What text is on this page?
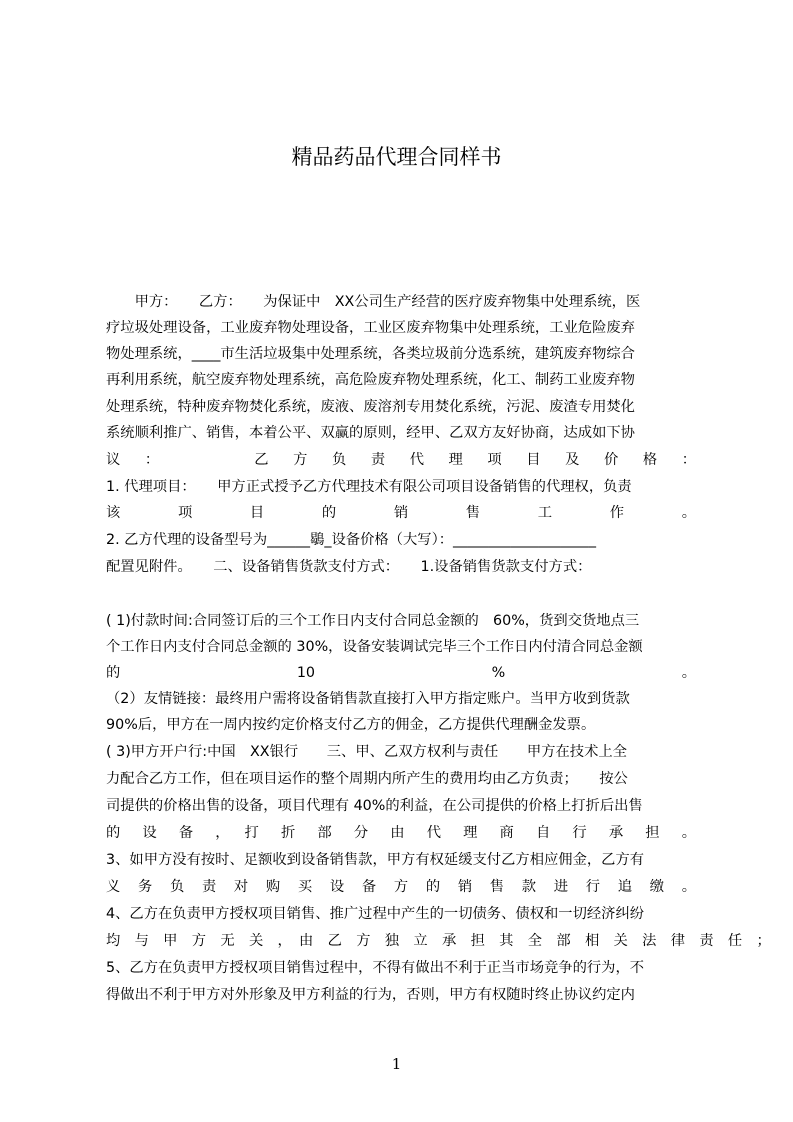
精品药品代理合同样书
　　甲方：　　乙方：　　为保证中　XX公司生产经营的医疗废弃物集中处理系统，医
疗垃圾处理设备，工业废弃物处理设备，工业区废弃物集中处理系统，工业危险废弃
物处理系统，____市生活垃圾集中处理系统，各类垃圾前分选系统，建筑废弃物综合
再利用系统，航空废弃物处理系统，高危险废弃物处理系统，化工、制药工业废弃物
处理系统，特种废弃物焚化系统，废液、废溶剂专用焚化系统，污泥、废渣专用焚化
系统顺利推广、销售，本着公平、双赢的原则，经甲、乙双方友好协商，达成如下协
议　：　　　　　乙　方　负　责　代　理　项　目　及　价　格　：
1. 代理项目：　　甲方正式授予乙方代理技术有限公司项目设备销售的代理权，负责
该　　　项　　　目　　　的　　　销　　　售　　　工　　　作　　　。
2. 乙方代理的设备型号为______鶡_设备价格（大写）：____________________
配置见附件。　　二、设备销售货款支付方式：　　1.设备销售货款支付方式：
( 1)付款时间:合同签订后的三个工作日内支付合同总金额的　60%，货到交货地点三
个工作日内支付合同总金额的 30%，设备安装调试完毕三个工作日内付清合同总金额
的　　　　　10　　　　　%　　　　　。
（2）友情链接：最终用户需将设备销售款直接打入甲方指定账户。当甲方收到货款
90%后，甲方在一周内按约定价格支付乙方的佣金，乙方提供代理酬金发票。
( 3)甲方开户行:中国　XX银行　　三、甲、乙双方权利与责任　　甲方在技术上全
力配合乙方工作，但在项目运作的整个周期内所产生的费用均由乙方负责；　　按公
司提供的价格出售的设备，项目代理有 40%的利益，在公司提供的价格上打折后出售
的　设　备　，　打　折　部　分　由　代　理　商　自　行　承　担　。
3、如甲方没有按时、足额收到设备销售款，甲方有权延缓支付乙方相应佣金，乙方有
义　务　负　责　对　购　买　设　备　方　的　销　售　款　进　行　追　缴　。
4、乙方在负责甲方授权项目销售、推广过程中产生的一切债务、债权和一切经济纠纷
均　与　甲　方　无　关　，　由　乙　方　独　立　承　担　其　全　部　相　关　法　律　责　任　；
5、乙方在负责甲方授权项目销售过程中，不得有做出不利于正当市场竞争的行为，不
得做出不利于甲方对外形象及甲方利益的行为，否则，甲方有权随时终止协议约定内
1
